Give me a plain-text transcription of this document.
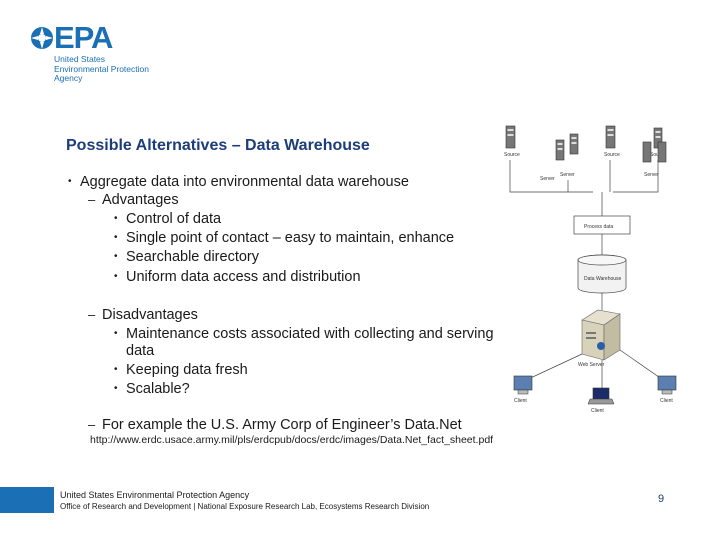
EPA
United States
Environmental Protection
Agency
Possible Alternatives – Data Warehouse
• Aggregate data into environmental data warehouse
– Advantages
• Control of data
• Single point of contact – easy to maintain, enhance
• Searchable directory
• Uniform data access and distribution
– Disadvantages
• Maintenance costs associated with collecting and serving
data
• Keeping data fresh
• Scalable?
– For example the U.S. Army Corp of Engineer’s Data.Net
http://www.erdc.usace.army.mil/pls/erdcpub/docs/erdc/images/Data.Net_fact_sheet.pdf
Source
Server
Source
Server
Server
Process data
Data Warehouse
Web Server
Client
Client
Client
United States Environmental Protection Agency
Office of Research and Development | National Exposure Research Lab, Ecosystems Research Division
9
